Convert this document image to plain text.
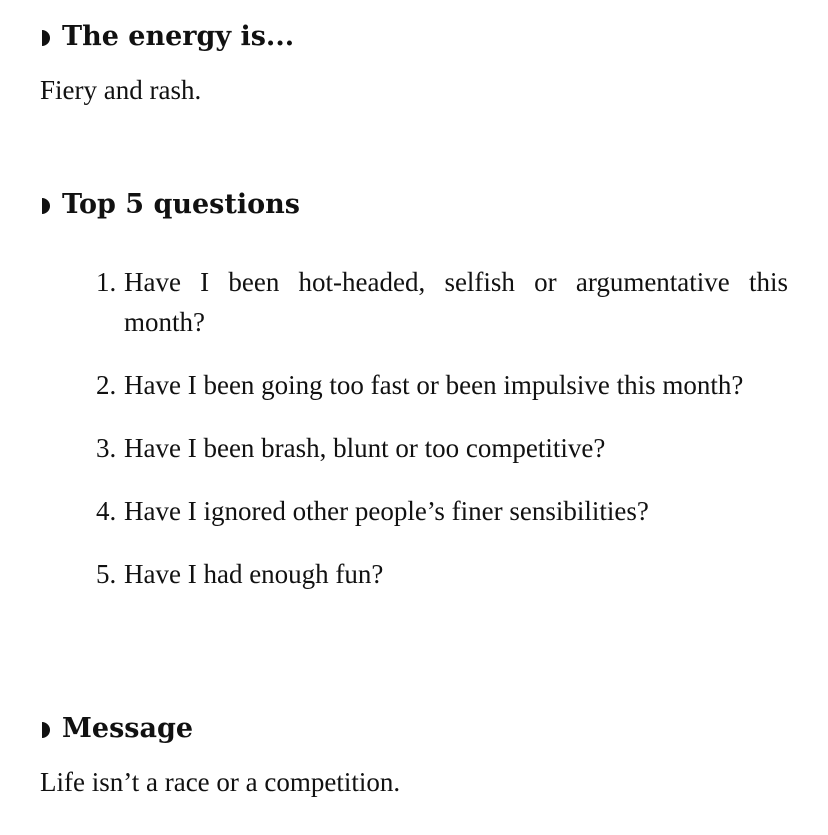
The energy is...
Fiery and rash.
Top 5 questions
1. Have I been hot-headed, selfish or argumentative this month?
2. Have I been going too fast or been impulsive this month?
3. Have I been brash, blunt or too competitive?
4. Have I ignored other people’s finer sensibilities?
5. Have I had enough fun?
Message
Life isn’t a race or a competition.
